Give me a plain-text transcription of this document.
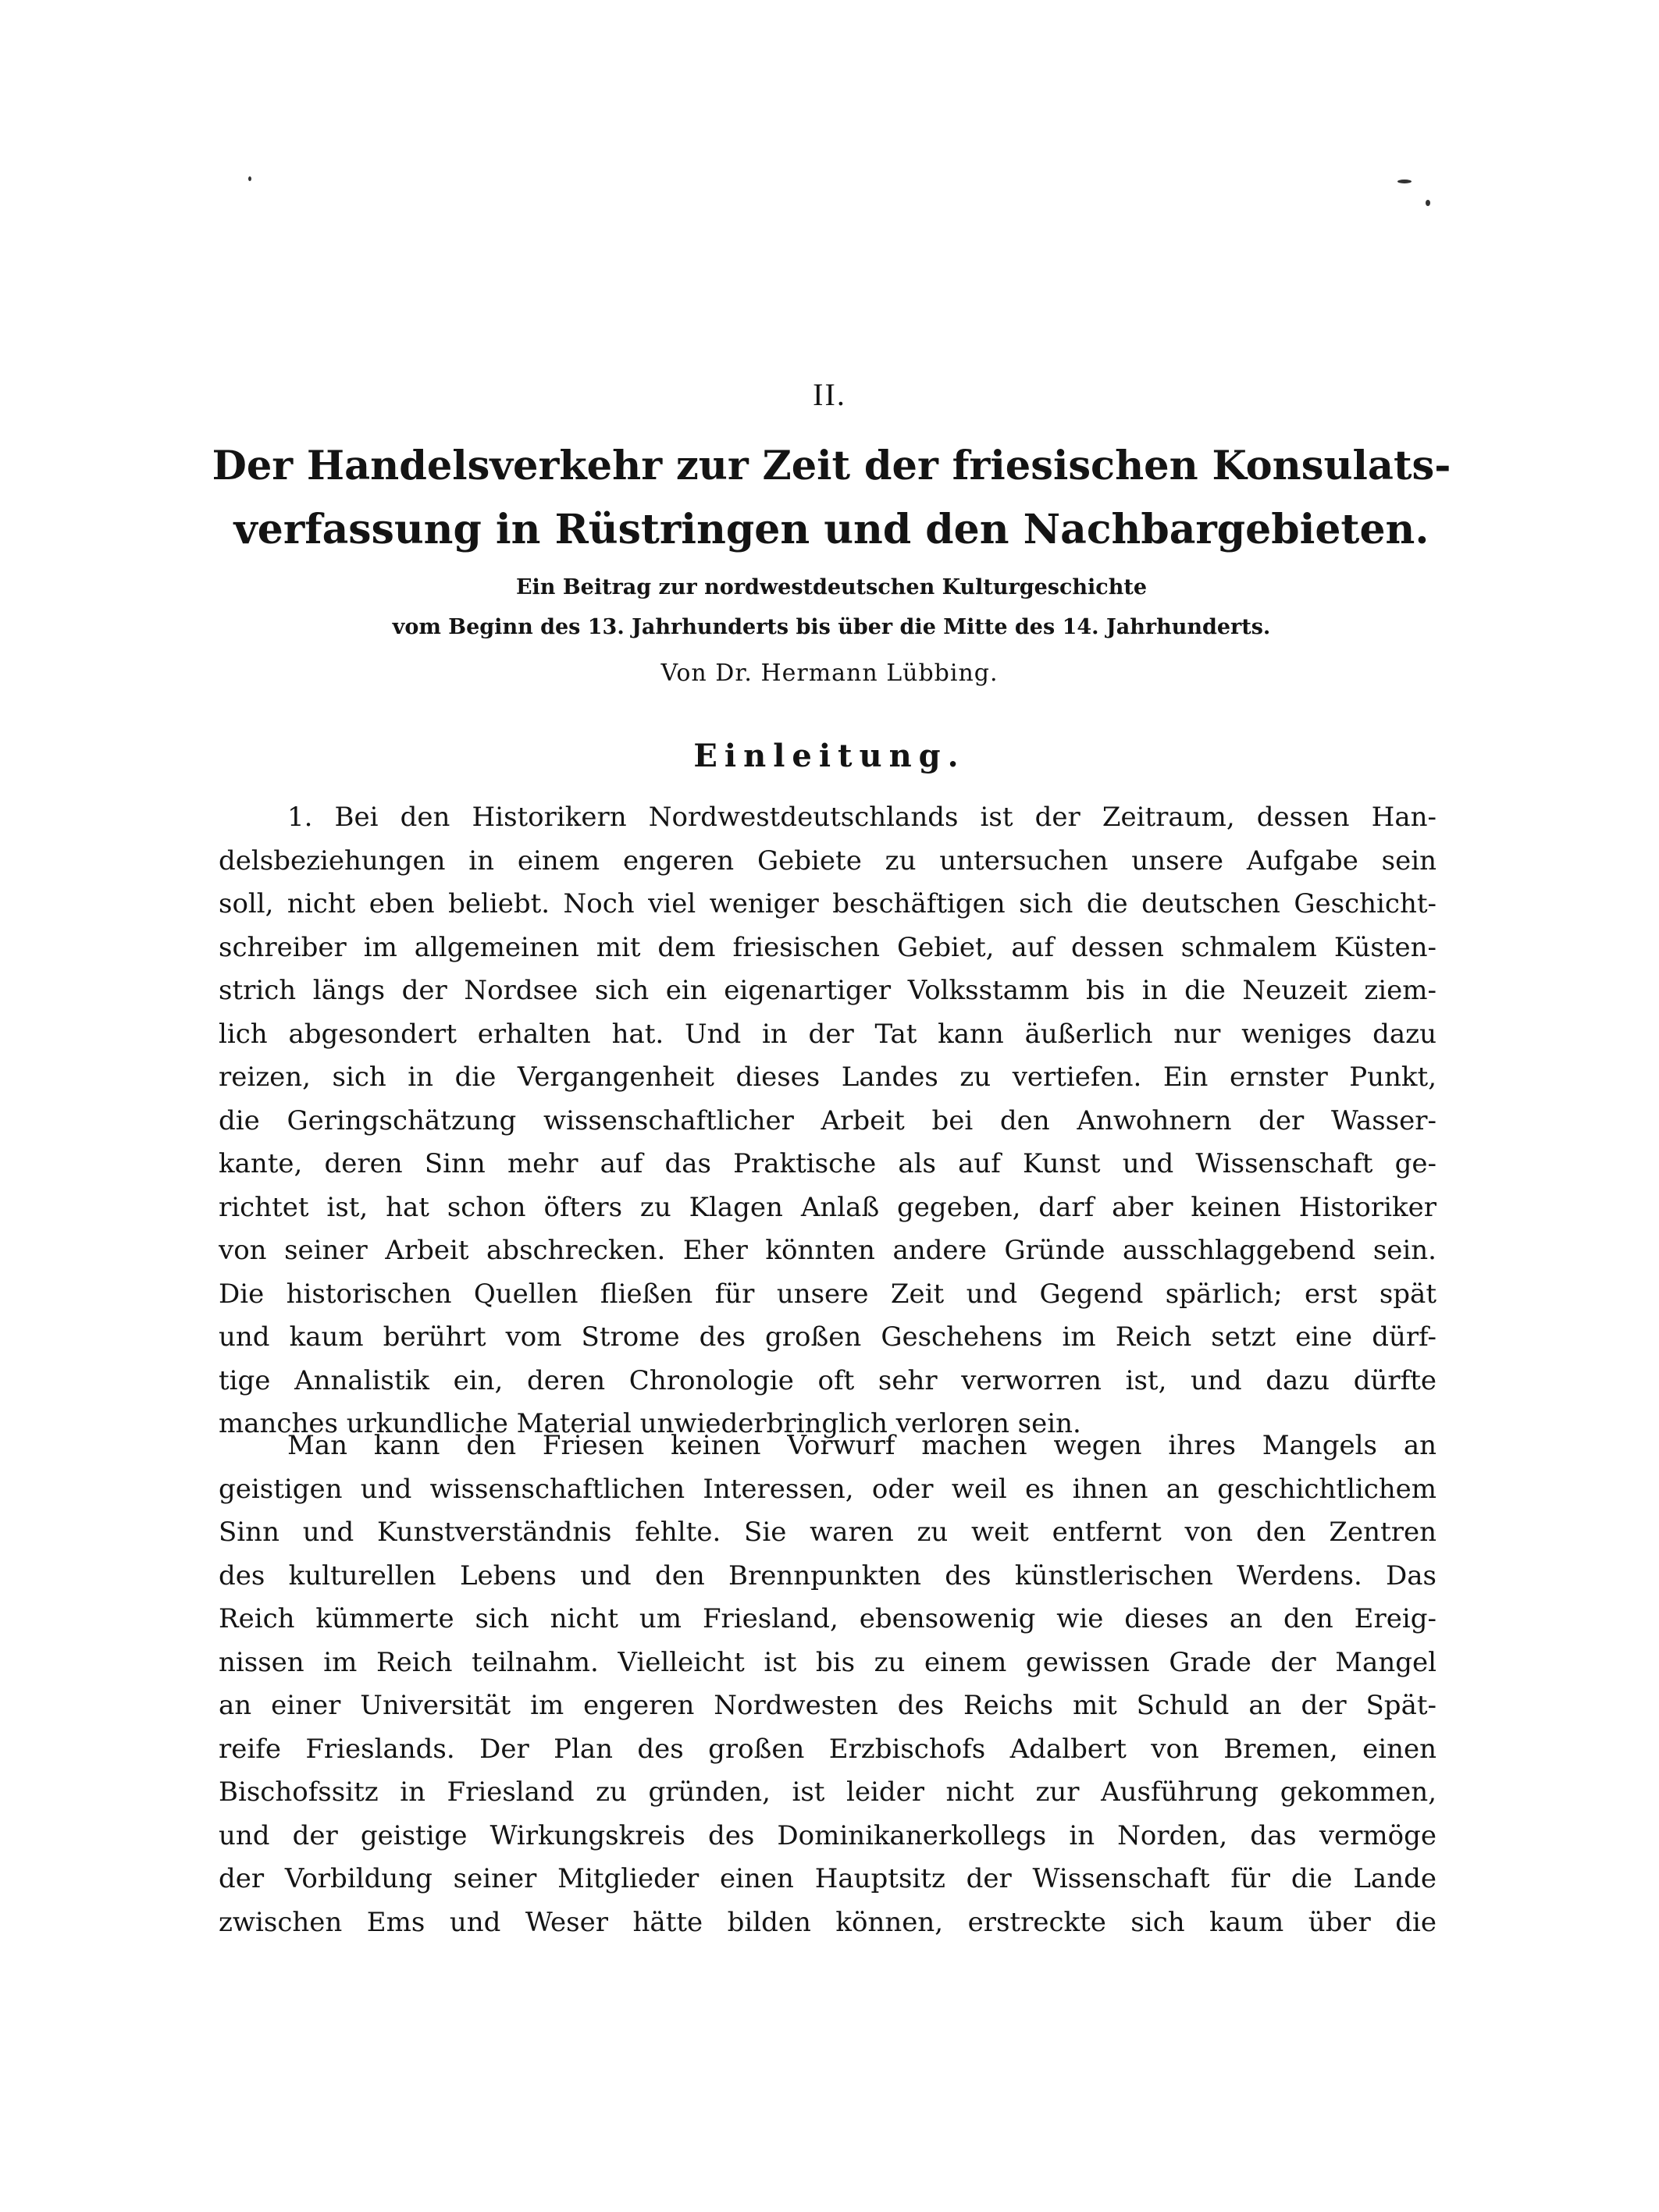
II.
Der Handelsverkehr zur Zeit der friesischen Konsulats-
verfassung in Rüstringen und den Nachbargebieten.
Ein Beitrag zur nordwestdeutschen Kulturgeschichte
vom Beginn des 13. Jahrhunderts bis über die Mitte des 14. Jahrhunderts.
Von Dr. Hermann Lübbing.
Einleitung.
1. Bei den Historikern Nordwestdeutschlands ist der Zeitraum, dessen Han-
delsbeziehungen in einem engeren Gebiete zu untersuchen unsere Aufgabe sein
soll, nicht eben beliebt. Noch viel weniger beschäftigen sich die deutschen Geschicht-
schreiber im allgemeinen mit dem friesischen Gebiet, auf dessen schmalem Küsten-
strich längs der Nordsee sich ein eigenartiger Volksstamm bis in die Neuzeit ziem-
lich abgesondert erhalten hat. Und in der Tat kann äußerlich nur weniges dazu
reizen, sich in die Vergangenheit dieses Landes zu vertiefen. Ein ernster Punkt,
die Geringschätzung wissenschaftlicher Arbeit bei den Anwohnern der Wasser-
kante, deren Sinn mehr auf das Praktische als auf Kunst und Wissenschaft ge-
richtet ist, hat schon öfters zu Klagen Anlaß gegeben, darf aber keinen Historiker
von seiner Arbeit abschrecken. Eher könnten andere Gründe ausschlaggebend sein.
Die historischen Quellen fließen für unsere Zeit und Gegend spärlich; erst spät
und kaum berührt vom Strome des großen Geschehens im Reich setzt eine dürf-
tige Annalistik ein, deren Chronologie oft sehr verworren ist, und dazu dürfte
manches urkundliche Material unwiederbringlich verloren sein.
Man kann den Friesen keinen Vorwurf machen wegen ihres Mangels an
geistigen und wissenschaftlichen Interessen, oder weil es ihnen an geschichtlichem
Sinn und Kunstverständnis fehlte. Sie waren zu weit entfernt von den Zentren
des kulturellen Lebens und den Brennpunkten des künstlerischen Werdens. Das
Reich kümmerte sich nicht um Friesland, ebensowenig wie dieses an den Ereig-
nissen im Reich teilnahm. Vielleicht ist bis zu einem gewissen Grade der Mangel
an einer Universität im engeren Nordwesten des Reichs mit Schuld an der Spät-
reife Frieslands. Der Plan des großen Erzbischofs Adalbert von Bremen, einen
Bischofssitz in Friesland zu gründen, ist leider nicht zur Ausführung gekommen,
und der geistige Wirkungskreis des Dominikanerkollegs in Norden, das vermöge
der Vorbildung seiner Mitglieder einen Hauptsitz der Wissenschaft für die Lande
zwischen Ems und Weser hätte bilden können, erstreckte sich kaum über die
